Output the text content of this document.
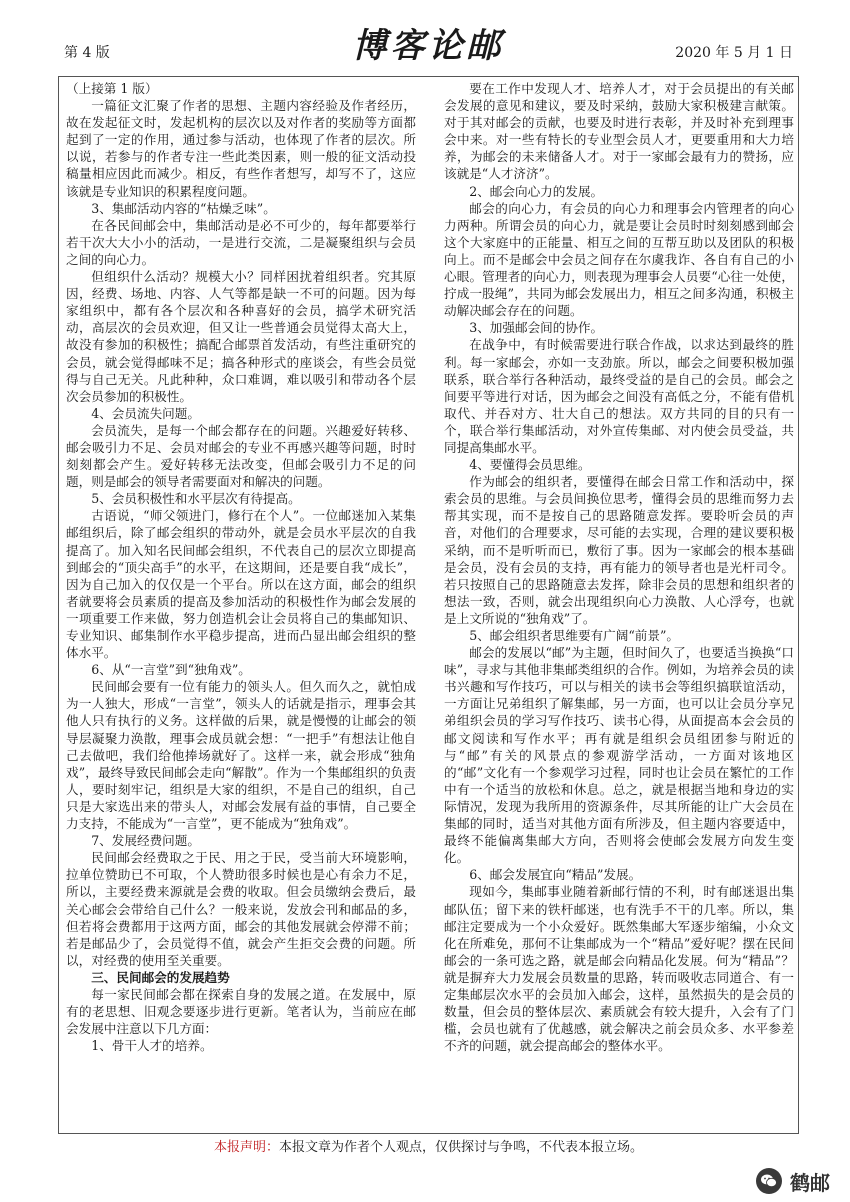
第 4 版	博客论邮	2020 年 5 月 1 日

（上接第 1 版）

一篇征文汇聚了作者的思想、主题内容经验及作者经历，故在发起征文时，发起机构的层次以及对作者的奖励等方面都起到了一定的作用，通过参与活动，也体现了作者的层次。所以说，若参与的作者专注一些此类因素，则一般的征文活动投稿量相应因此而减少。相反，有些作者想写，却写不了，这应该就是专业知识的积累程度问题。

3、集邮活动内容的“枯燥乏味”。

在各民间邮会中，集邮活动是必不可少的，每年都要举行若干次大大小小的活动，一是进行交流，二是凝聚组织与会员之间的向心力。

但组织什么活动？规模大小？同样困扰着组织者。究其原因，经费、场地、内容、人气等都是缺一不可的问题。因为每家组织中，都有各个层次和各种喜好的会员，搞学术研究活动，高层次的会员欢迎，但又让一些普通会员觉得太高大上，故没有参加的积极性；搞配合邮票首发活动，有些注重研究的会员，就会觉得邮味不足；搞各种形式的座谈会，有些会员觉得与自己无关。凡此种种，众口难调，难以吸引和带动各个层次会员参加的积极性。

4、会员流失问题。

会员流失，是每一个邮会都存在的问题。兴趣爱好转移、邮会吸引力不足、会员对邮会的专业不再感兴趣等问题，时时刻刻都会产生。爱好转移无法改变，但邮会吸引力不足的问题，则是邮会的领导者需要面对和解决的问题。

5、会员积极性和水平层次有待提高。

古语说，“师父领进门，修行在个人”。一位邮迷加入某集邮组织后，除了邮会组织的带动外，就是会员水平层次的自我提高了。加入知名民间邮会组织，不代表自己的层次立即提高到邮会的“顶尖高手”的水平，在这期间，还是要自我“成长”，因为自己加入的仅仅是一个平台。所以在这方面，邮会的组织者就要将会员素质的提高及参加活动的积极性作为邮会发展的一项重要工作来做，努力创造机会让会员将自己的集邮知识、专业知识、邮集制作水平稳步提高，进而凸显出邮会组织的整体水平。

6、从“一言堂”到“独角戏”。

民间邮会要有一位有能力的领头人。但久而久之，就怕成为一人独大，形成“一言堂”，领头人的话就是指示，理事会其他人只有执行的义务。这样做的后果，就是慢慢的让邮会的领导层凝聚力涣散，理事会成员就会想：“一把手”有想法让他自己去做吧，我们给他捧场就好了。这样一来，就会形成“独角戏”，最终导致民间邮会走向“解散”。作为一个集邮组织的负责人，要时刻牢记，组织是大家的组织，不是自己的组织，自己只是大家选出来的带头人，对邮会发展有益的事情，自己要全力支持，不能成为“一言堂”，更不能成为“独角戏”。

7、发展经费问题。

民间邮会经费取之于民、用之于民，受当前大环境影响，拉单位赞助已不可取，个人赞助很多时候也是心有余力不足，所以，主要经费来源就是会费的收取。但会员缴纳会费后，最关心邮会会带给自己什么？一般来说，发放会刊和邮品的多，但若将会费都用于这两方面，邮会的其他发展就会停滞不前；若是邮品少了，会员觉得不值，就会产生拒交会费的问题。所以，对经费的使用至关重要。

三、民间邮会的发展趋势

每一家民间邮会都在探索自身的发展之道。在发展中，原有的老思想、旧观念要逐步进行更新。笔者认为，当前应在邮会发展中注意以下几方面：

1、骨干人才的培养。

要在工作中发现人才、培养人才，对于会员提出的有关邮会发展的意见和建议，要及时采纳，鼓励大家积极建言献策。对于其对邮会的贡献，也要及时进行表彰，并及时补充到理事会中来。对一些有特长的专业型会员人才，更要重用和大力培养，为邮会的未来储备人才。对于一家邮会最有力的赞扬，应该就是“人才济济”。

2、邮会向心力的发展。

邮会的向心力，有会员的向心力和理事会内管理者的向心力两种。所谓会员的向心力，就是要让会员时时刻刻感到邮会这个大家庭中的正能量、相互之间的互帮互助以及团队的积极向上。而不是邮会中会员之间存在尔虞我诈、各自有自己的小心眼。管理者的向心力，则表现为理事会人员要“心往一处使，拧成一股绳”，共同为邮会发展出力，相互之间多沟通，积极主动解决邮会存在的问题。

3、加强邮会间的协作。

在战争中，有时候需要进行联合作战，以求达到最终的胜利。每一家邮会，亦如一支劲旅。所以，邮会之间要积极加强联系，联合举行各种活动，最终受益的是自己的会员。邮会之间要平等进行对话，因为邮会之间没有高低之分，不能有借机取代、并吞对方、壮大自己的想法。双方共同的目的只有一个，联合举行集邮活动，对外宣传集邮、对内使会员受益，共同提高集邮水平。

4、要懂得会员思维。

作为邮会的组织者，要懂得在邮会日常工作和活动中，探索会员的思维。与会员间换位思考，懂得会员的思维而努力去帮其实现，而不是按自己的思路随意发挥。要聆听会员的声音，对他们的合理要求，尽可能的去实现，合理的建议要积极采纳，而不是听听而已，敷衍了事。因为一家邮会的根本基础是会员，没有会员的支持，再有能力的领导者也是光杆司令。若只按照自己的思路随意去发挥，除非会员的思想和组织者的想法一致，否则，就会出现组织向心力涣散、人心浮夸，也就是上文所说的“独角戏”了。

5、邮会组织者思维要有广阔“前景”。

邮会的发展以“邮”为主题，但时间久了，也要适当换换“口味”，寻求与其他非集邮类组织的合作。例如，为培养会员的读书兴趣和写作技巧，可以与相关的读书会等组织搞联谊活动，一方面让兄弟组织了解集邮，另一方面，也可以让会员分享兄弟组织会员的学习写作技巧、读书心得，从面提高本会会员的邮文阅读和写作水平；再有就是组织会员组团参与附近的与“邮”有关的风景点的参观游学活动，一方面对该地区的“邮”文化有一个参观学习过程，同时也让会员在繁忙的工作中有一个适当的放松和休息。总之，就是根据当地和身边的实际情况，发现为我所用的资源条件，尽其所能的让广大会员在集邮的同时，适当对其他方面有所涉及，但主题内容要适中，最终不能偏离集邮大方向，否则将会使邮会发展方向发生变化。

6、邮会发展宜向“精品”发展。

现如今，集邮事业随着新邮行情的不利，时有邮迷退出集邮队伍；留下来的铁杆邮迷，也有洗手不干的几率。所以，集邮注定要成为一个小众爱好。既然集邮大军逐步缩编，小众文化在所难免，那何不让集邮成为一个“精品”爱好呢？摆在民间邮会的一条可选之路，就是邮会向精品化发展。何为“精品”？就是摒弃大力发展会员数量的思路，转而吸收志同道合、有一定集邮层次水平的会员加入邮会，这样，虽然损失的是会员的数量，但会员的整体层次、素质就会有较大提升，入会有了门槛，会员也就有了优越感，就会解决之前会员众多、水平参差不齐的问题，就会提高邮会的整体水平。

本报声明：本报文章为作者个人观点，仅供探讨与争鸣，不代表本报立场。
鹤邮
